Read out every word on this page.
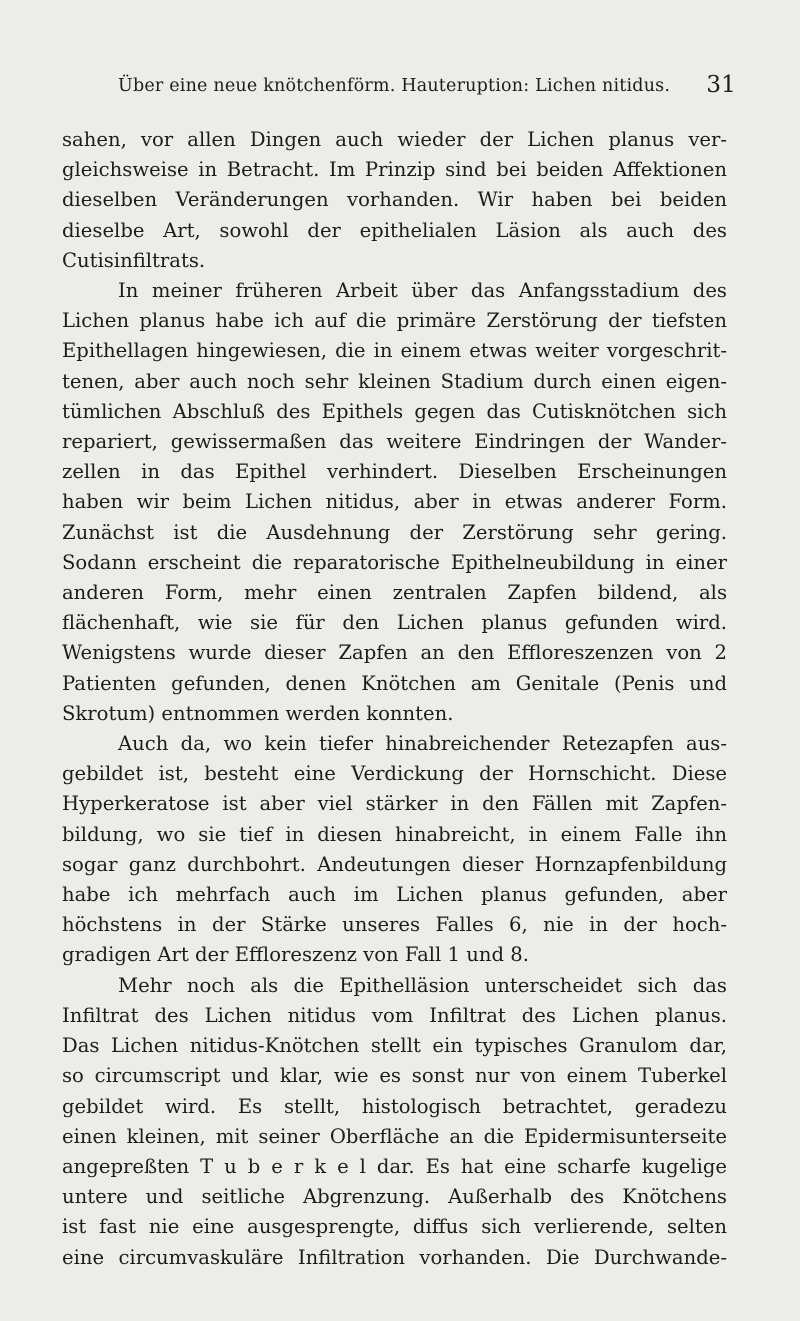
Über eine neue knötchenförm. Hauteruption: Lichen nitidus. 31
sahen, vor allen Dingen auch wieder der Lichen planus ver-
gleichsweise in Betracht. Im Prinzip sind bei beiden Affektionen
dieselben Veränderungen vorhanden. Wir haben bei beiden
dieselbe Art, sowohl der epithelialen Läsion als auch des
Cutisinfiltrats.
In meiner früheren Arbeit über das Anfangsstadium des
Lichen planus habe ich auf die primäre Zerstörung der tiefsten
Epithellagen hingewiesen, die in einem etwas weiter vorgeschrit-
tenen, aber auch noch sehr kleinen Stadium durch einen eigen-
tümlichen Abschluß des Epithels gegen das Cutisknötchen sich
repariert, gewissermaßen das weitere Eindringen der Wander-
zellen in das Epithel verhindert. Dieselben Erscheinungen
haben wir beim Lichen nitidus, aber in etwas anderer Form.
Zunächst ist die Ausdehnung der Zerstörung sehr gering.
Sodann erscheint die reparatorische Epithelneubildung in einer
anderen Form, mehr einen zentralen Zapfen bildend, als
flächenhaft, wie sie für den Lichen planus gefunden wird.
Wenigstens wurde dieser Zapfen an den Effloreszenzen von 2
Patienten gefunden, denen Knötchen am Genitale (Penis und
Skrotum) entnommen werden konnten.
Auch da, wo kein tiefer hinabreichender Retezapfen aus-
gebildet ist, besteht eine Verdickung der Hornschicht. Diese
Hyperkeratose ist aber viel stärker in den Fällen mit Zapfen-
bildung, wo sie tief in diesen hinabreicht, in einem Falle ihn
sogar ganz durchbohrt. Andeutungen dieser Hornzapfenbildung
habe ich mehrfach auch im Lichen planus gefunden, aber
höchstens in der Stärke unseres Falles 6, nie in der hoch-
gradigen Art der Effloreszenz von Fall 1 und 8.
Mehr noch als die Epithelläsion unterscheidet sich das
Infiltrat des Lichen nitidus vom Infiltrat des Lichen planus.
Das Lichen nitidus-Knötchen stellt ein typisches Granulom dar,
so circumscript und klar, wie es sonst nur von einem Tuberkel
gebildet wird. Es stellt, histologisch betrachtet, geradezu
einen kleinen, mit seiner Oberfläche an die Epidermisunterseite
angepreßten T u b e r k e l dar. Es hat eine scharfe kugelige
untere und seitliche Abgrenzung. Außerhalb des Knötchens
ist fast nie eine ausgesprengte, diffus sich verlierende, selten
eine circumvaskuläre Infiltration vorhanden. Die Durchwande-
